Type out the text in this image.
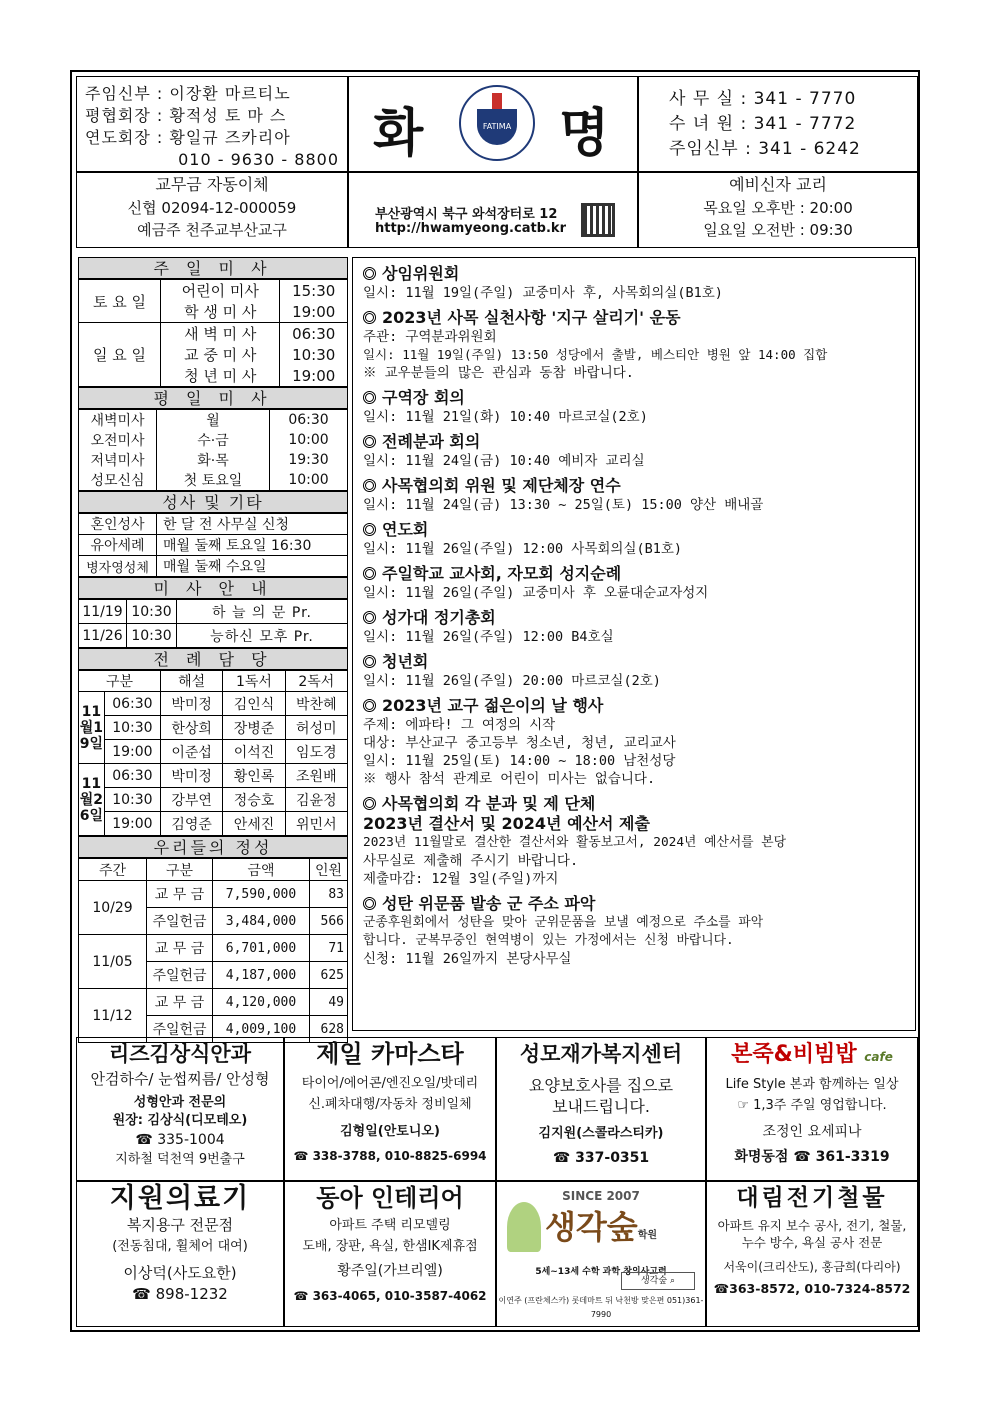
주임신부 : 이장환 마르티노
평협회장 : 황적성 토 마 스
연도회장 : 황일규 즈카리아
010 - 9630 - 8800 화	FATIMA 명
사 무 실 : 341 - 7770
수 녀 원 : 341 - 7772
주임신부 : 341 - 6242
교무금 자동이체
신협 02094-12-000059
예금주 천주교부산교구
부산광역시 북구 와석장터로 12
http://hwamyeong.catb.kr
예비신자 교리
목요일 오후반 : 20:00
일요일 오전반 : 09:30
주 일 미 사
토 요 일	어린이 미사	15:30
	학 생 미 사	19:00
일 요 일	새 벽 미 사	06:30
	교 중 미 사	10:30
	청 년 미 사	19:00
평 일 미 사
새벽미사	월	06:30
오전미사	수·금	10:00
저녁미사	화·목	19:30
성모신심	첫 토요일	10:00
성사 및 기타
혼인성사	한 달 전 사무실 신청
유아세례	매월 둘째 토요일 16:30
병자영성체	매월 둘째 수요일
미 사 안 내
11/19	10:30	하 늘 의 문 Pr.
11/26	10:30	능하신 모후 Pr.
전 례 담 당
구분		해설	1독서	2독서
11월19일	06:30	박미정	김인식	박찬혜
	10:30	한상희	장병준	허성미
	19:00	이준섭	이석진	임도경
11월26일	06:30	박미정	황인록	조원배
	10:30	강부연	정승호	김윤정
	19:00	김영준	안세진	위민서
우리들의 정성
주간	구분	금액	인원
10/29	교 무 금	7,590,000	83
	주일헌금	3,484,000	566
11/05	교 무 금	6,701,000	71
	주일헌금	4,187,000	625
11/12	교 무 금	4,120,000	49
	주일헌금	4,009,100	628
상임위원회

일시: 11월 19일(주일) 교중미사 후, 사목회의실(B1호)

2023년 사목 실천사항 '지구 살리기' 운동

주관: 구역분과위원회

일시: 11월 19일(주일) 13:50 성당에서 출발, 베스티안 병원 앞 14:00 집합

※ 교우분들의 많은 관심과 동참 바랍니다.

구역장 회의

일시: 11월 21일(화) 10:40 마르코실(2호)

전례분과 회의

일시: 11월 24일(금) 10:40 예비자 교리실

사목협의회 위원 및 제단체장 연수

일시: 11월 24일(금) 13:30 ~ 25일(토) 15:00 양산 배내골

연도회

일시: 11월 26일(주일) 12:00 사목회의실(B1호)

주일학교 교사회, 자모회 성지순례

일시: 11월 26일(주일) 교중미사 후 오륜대순교자성지

성가대 정기총회

일시: 11월 26일(주일) 12:00 B4호실

청년회

일시: 11월 26일(주일) 20:00 마르코실(2호)

2023년 교구 젊은이의 날 행사

주제: 에파타! 그 여정의 시작

대상: 부산교구 중고등부 청소년, 청년, 교리교사

일시: 11월 25일(토) 14:00 ~ 18:00 남천성당

※ 행사 참석 관계로 어린이 미사는 없습니다.

사목협의회 각 분과 및 제 단체
2023년 결산서 및 2024년 예산서 제출

2023년 11월말로 결산한 결산서와 활동보고서, 2024년 예산서를 본당

사무실로 제출해 주시기 바랍니다.

제출마감: 12월 3일(주일)까지

성탄 위문품 발송 군 주소 파악

군종후원회에서 성탄을 맞아 군위문품을 보낼 예정으로 주소를 파악

합니다. 군복무중인 현역병이 있는 가정에서는 신청 바랍니다.

신청: 11월 26일까지 본당사무실

리즈김상식안과
안검하수/ 눈썹찌름/ 안성형
성형안과 전문의
원장: 김상식(디모테오)
☎ 335-1004
지하철 덕천역 9번출구
제일 카마스타
타이어/에어콘/엔진오일/밧데리
신.폐차대행/자동차 정비일체
김형일(안토니오)
☎ 338-3788, 010-8825-6994
성모재가복지센터
요양보호사를 집으로
보내드립니다.
김지원(스콜라스티카)
☎ 337-0351
본죽&비빔밥 cafe
Life Style 본과 함께하는 일상
☞ 1,3주 주일 영업합니다.
조정인 요세피나
화명동점 ☎ 361-3319
지원의료기
복지용구 전문점
(전동침대, 휠체어 대여)
이상덕(사도요한)
☎ 898-1232
동아 인테리어
아파트 주택 리모델링
도배, 장판, 욕실, 한샘IK제휴점
황주일(가브리엘)
☎ 363-4065, 010-3587-4062
SINCE 2007
생각숲학원
5세~13세 수학 과학 창의사고력
생각숲 ⌕
이연주 (프란체스카) 롯데마트 뒤 낙천방 맞은편 051)361-7990
대림전기철물
아파트 유지 보수 공사, 전기, 철물,
누수 방수, 욕실 공사 전문
서욱이(크리산도), 홍금희(다리아)
☎363-8572, 010-7324-8572
